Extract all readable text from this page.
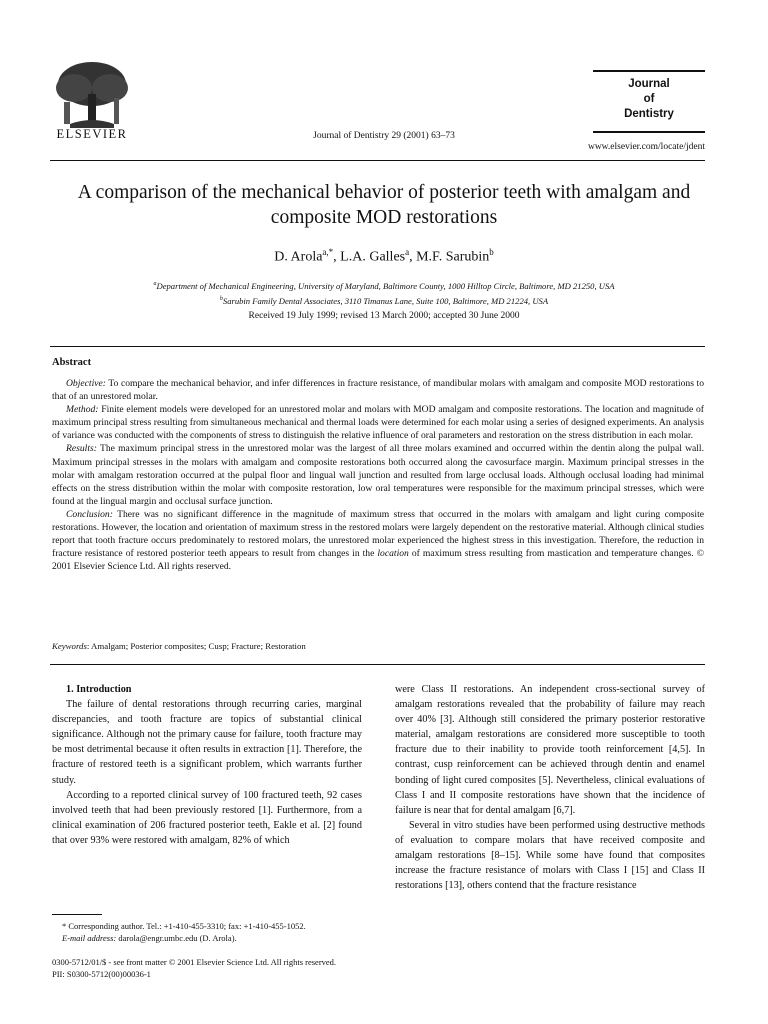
ELSEVIER	Journal of Dentistry 29 (2001) 63–73
Journal
of
Dentistry
www.elsevier.com/locate/jdent
A comparison of the mechanical behavior of posterior teeth with amalgam and composite MOD restorations
D. Arola$^{a,*}$, L.A. Galles$^a$, M.F. Sarubin$^b$
$^a$Department of Mechanical Engineering, University of Maryland, Baltimore County, 1000 Hilltop Circle, Baltimore, MD 21250, USA
$^b$Sarubin Family Dental Associates, 3110 Timanus Lane, Suite 100, Baltimore, MD 21224, USA
Received 19 July 1999; revised 13 March 2000; accepted 30 June 2000
Abstract

Objective: To compare the mechanical behavior, and infer differences in fracture resistance, of mandibular molars with amalgam and composite MOD restorations to that of an unrestored molar.

Method: Finite element models were developed for an unrestored molar and molars with MOD amalgam and composite restorations. The location and magnitude of maximum principal stress resulting from simultaneous mechanical and thermal loads were determined for each molar using a series of designed experiments. An analysis of variance was conducted with the components of stress to distinguish the relative influence of oral parameters and restoration on the stress distribution in each molar.

Results: The maximum principal stress in the unrestored molar was the largest of all three molars examined and occurred within the dentin along the pulpal wall. Maximum principal stresses in the molars with amalgam and composite restorations both occurred along the cavosurface margin. Maximum principal stresses in the molar with amalgam restoration occurred at the pulpal floor and lingual wall junction and resulted from large occlusal loads. Although occlusal loading had minimal effects on the stress distribution within the molar with composite restoration, low oral temperatures were responsible for the maximum principal stresses, which were found at the lingual margin and occlusal surface junction.

Conclusion: There was no significant difference in the magnitude of maximum stress that occurred in the molars with amalgam and light curing composite restorations. However, the location and orientation of maximum stress in the restored molars were largely dependent on the restorative material. Although clinical studies report that tooth fracture occurs predominately to restored molars, the unrestored molar experienced the highest stress in this investigation. Therefore, the reduction in fracture resistance of restored posterior teeth appears to result from changes in the location of maximum stress resulting from mastication and temperature changes. © 2001 Elsevier Science Ltd. All rights reserved.

Keywords: Amalgam; Posterior composites; Cusp; Fracture; Restoration

1. Introduction

The failure of dental restorations through recurring caries, marginal discrepancies, and tooth fracture are topics of substantial clinical significance. Although not the primary cause for failure, tooth fracture may be most detrimental because it often results in extraction [1]. Therefore, the fracture of restored teeth is a significant problem, which warrants further study.

According to a reported clinical survey of 100 fractured teeth, 92 cases involved teeth that had been previously restored [1]. Furthermore, from a clinical examination of 206 fractured posterior teeth, Eakle et al. [2] found that over 93% were restored with amalgam, 82% of which

were Class II restorations. An independent cross-sectional survey of amalgam restorations revealed that the probability of failure may reach over 40% [3]. Although still considered the primary posterior restorative material, amalgam restorations are considered more susceptible to tooth fracture due to their inability to provide tooth reinforcement [4,5]. In contrast, cusp reinforcement can be achieved through dentin and enamel bonding of light cured composites [5]. Nevertheless, clinical evaluations of Class I and II composite restorations have shown that the incidence of failure is near that for dental amalgam [6,7].

Several in vitro studies have been performed using destructive methods of evaluation to compare molars that have received composite and amalgam restorations [8–15]. While some have found that composites increase the fracture resistance of molars with Class I [15] and Class II restorations [13], others contend that the fracture resistance

* Corresponding author. Tel.: +1-410-455-3310; fax: +1-410-455-1052.
E-mail address: darola@engr.umbc.edu (D. Arola).
0300-5712/01/$ - see front matter © 2001 Elsevier Science Ltd. All rights reserved.
PII: S0300-5712(00)00036-1
